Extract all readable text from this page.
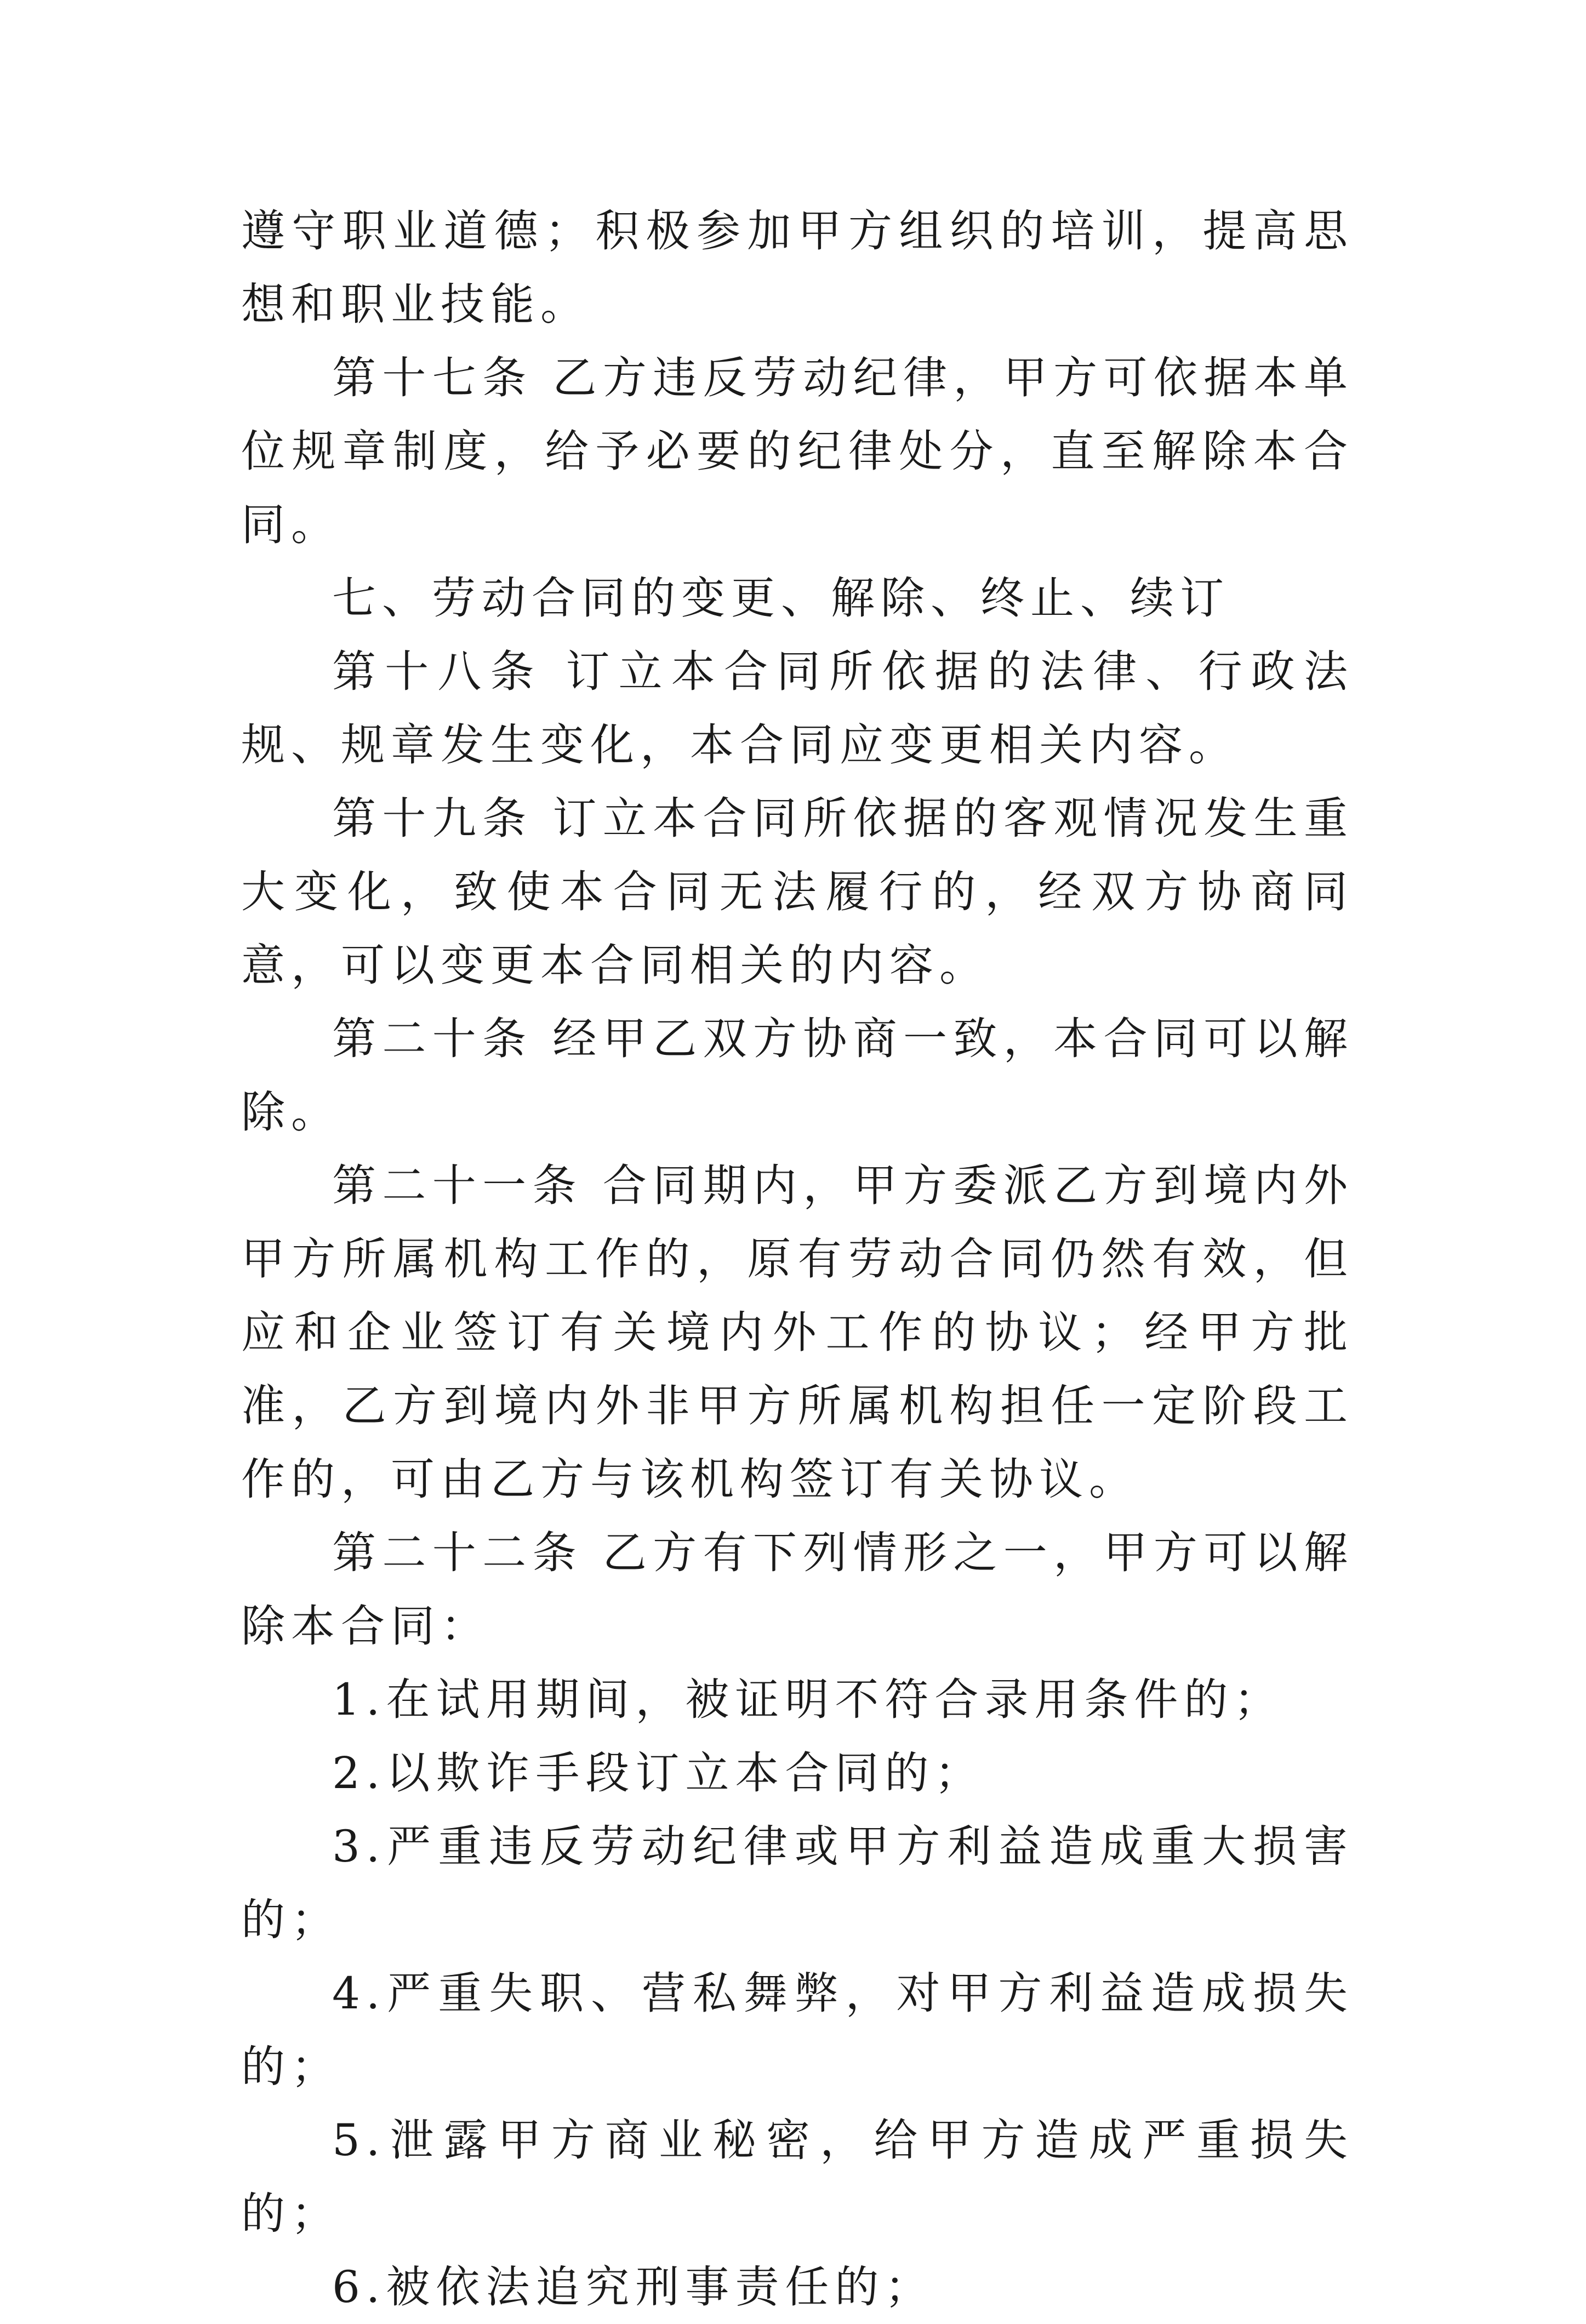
遵守职业道德；积极参加甲方组织的培训，提高思想和职业技能。

第十七条 乙方违反劳动纪律，甲方可依据本单位规章制度，给予必要的纪律处分，直至解除本合同。

七、劳动合同的变更、解除、终止、续订

第十八条 订立本合同所依据的法律、行政法规、规章发生变化，本合同应变更相关内容。

第十九条 订立本合同所依据的客观情况发生重大变化，致使本合同无法履行的，经双方协商同意，可以变更本合同相关的内容。

第二十条 经甲乙双方协商一致，本合同可以解除。

第二十一条 合同期内，甲方委派乙方到境内外甲方所属机构工作的，原有劳动合同仍然有效，但应和企业签订有关境内外工作的协议；经甲方批准，乙方到境内外非甲方所属机构担任一定阶段工作的，可由乙方与该机构签订有关协议。

第二十二条 乙方有下列情形之一，甲方可以解除本合同：

1.在试用期间，被证明不符合录用条件的；

2.以欺诈手段订立本合同的；

3.严重违反劳动纪律或甲方利益造成重大损害的；

4.严重失职、营私舞弊，对甲方利益造成损失的；

5.泄露甲方商业秘密，给甲方造成严重损失的；

6.被依法追究刑事责任的；
